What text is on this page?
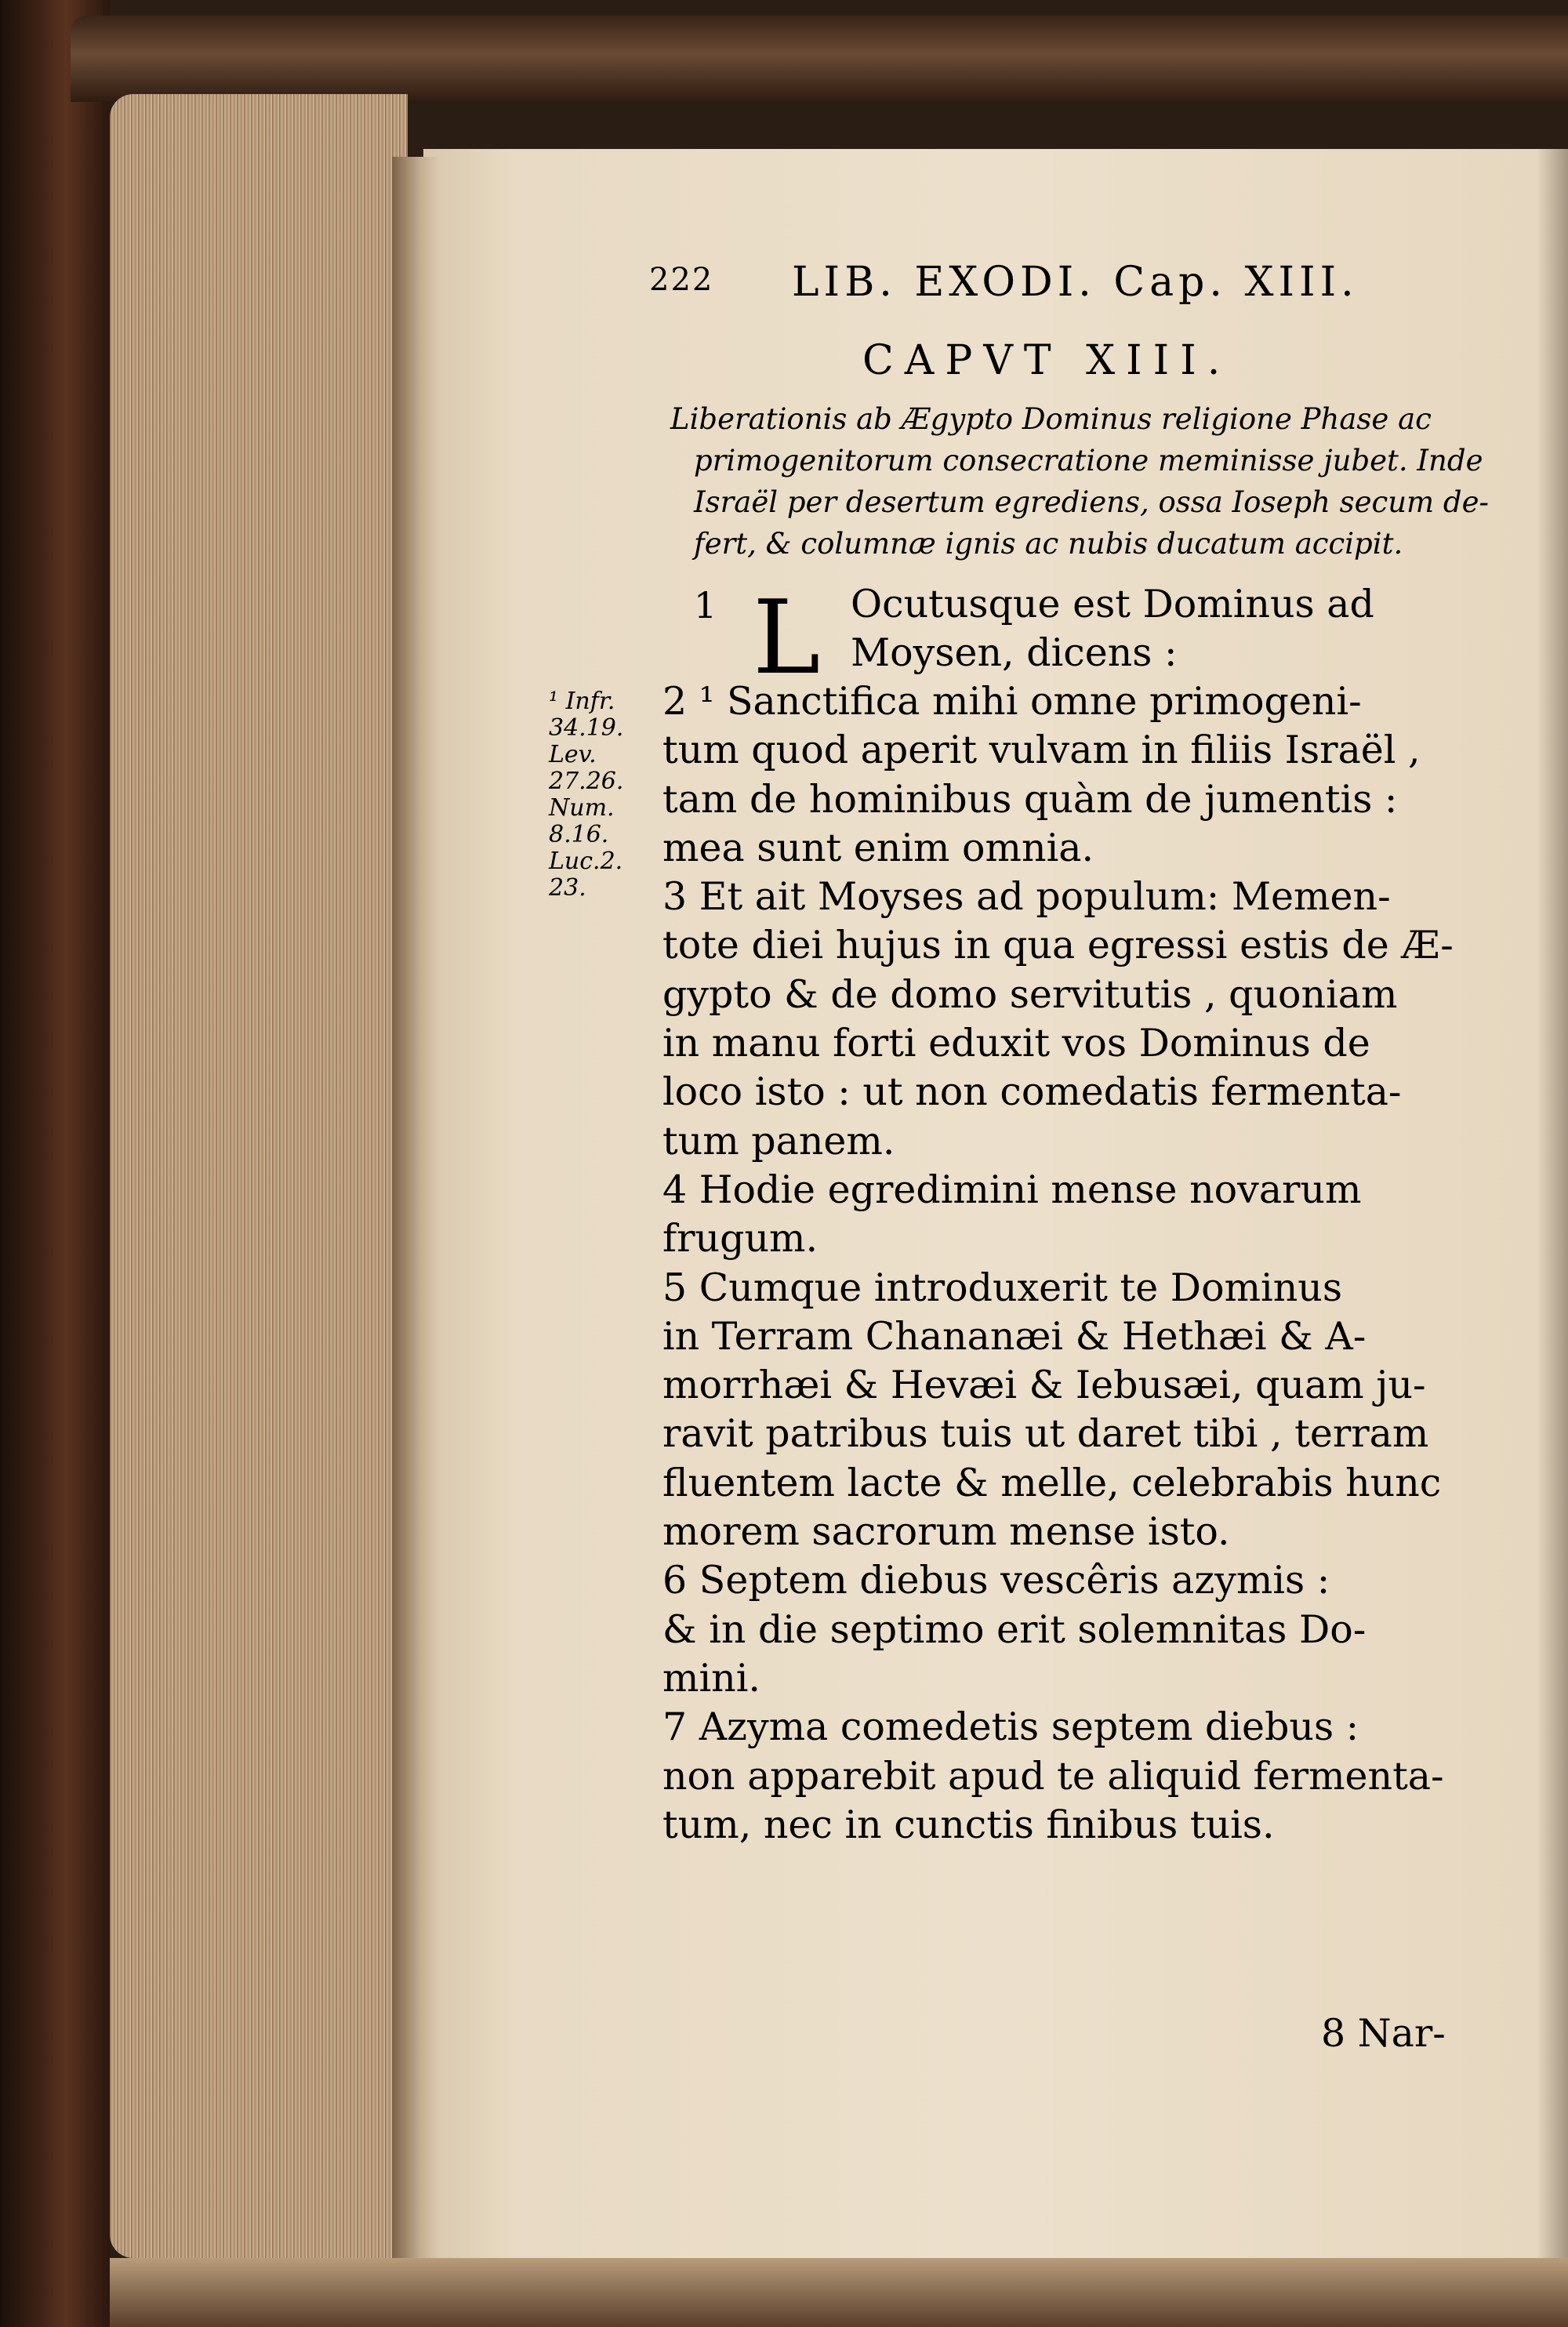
222 LIB. EXODI. Cap. XIII.
CAPVT XIII.

Liberationis ab Ægypto Dominus religione Phase ac

primogenitorum consecratione meminisse jubet. Inde

Israël per desertum egrediens, ossa Ioseph secum de-

fert, & columnæ ignis ac nubis ducatum accipit.

1 L Ocutusque est Dominus ad
Moysen, dicens :
¹ Infr.
34.19.
Lev.
27.26.
Num.
8.16.
Luc.2.
23.
2 ¹ Sanctifica mihi omne primogeni-
tum quod aperit vulvam in filiis Israël ,
tam de hominibus quàm de jumentis :
mea sunt enim omnia.
3 Et ait Moyses ad populum: Memen-
tote diei hujus in qua egressi estis de Æ-
gypto & de domo servitutis , quoniam
in manu forti eduxit vos Dominus de
loco isto : ut non comedatis fermenta-
tum panem.
4 Hodie egredimini mense novarum
frugum.
5 Cumque introduxerit te Dominus
in Terram Chananæi & Hethæi & A-
morrhæi & Hevæi & Iebusæi, quam ju-
ravit patribus tuis ut daret tibi , terram
fluentem lacte & melle, celebrabis hunc
morem sacrorum mense isto.
6 Septem diebus vescêris azymis :
& in die septimo erit solemnitas Do-
mini.
7 Azyma comedetis septem diebus :
non apparebit apud te aliquid fermenta-
tum, nec in cunctis finibus tuis.
8 Nar-
